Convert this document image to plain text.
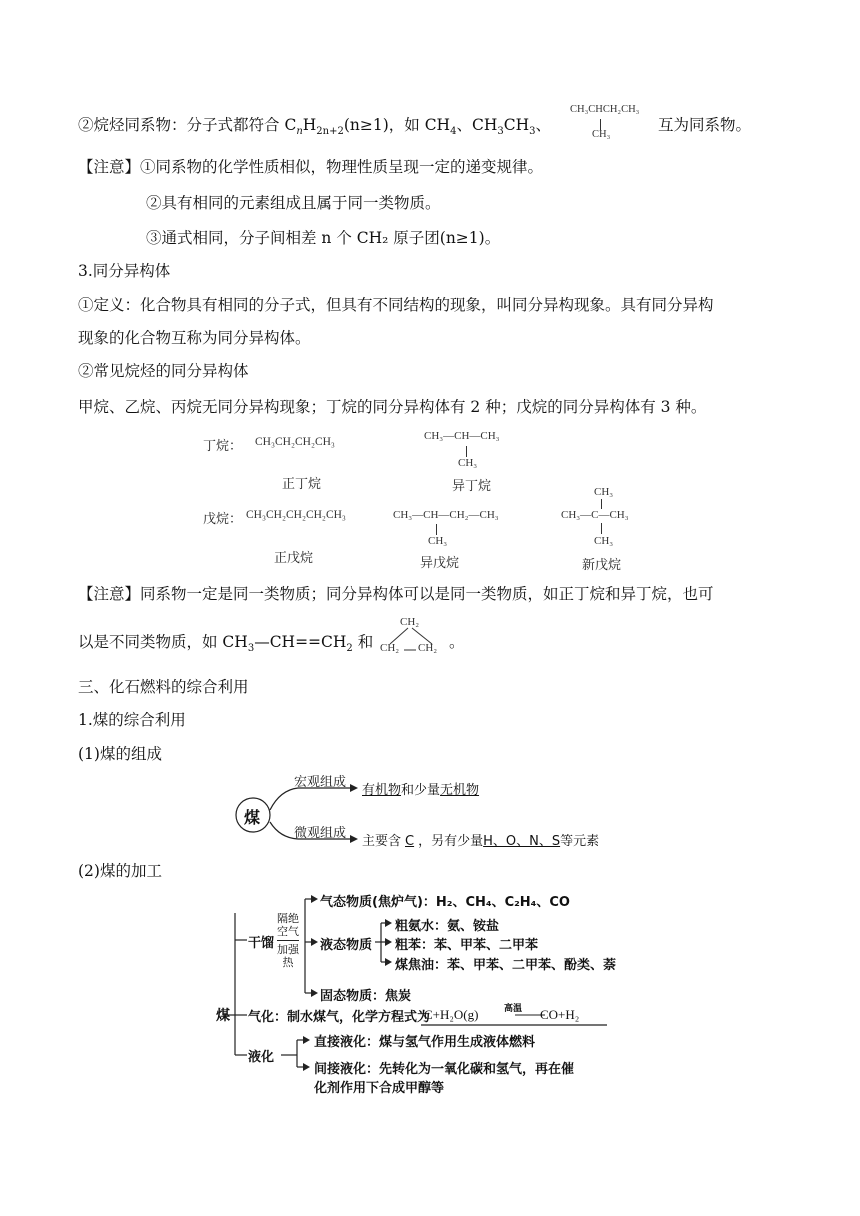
②烷烃同系物：分子式都符合 $C_nH_{2n+2}(n\ge 1)$，如 $CH_4$、$CH_3CH_3$、
CH₃CHCH₂CH₃
CH₃
互为同系物。
【注意】①同系物的化学性质相似，物理性质呈现一定的递变规律。
②具有相同的元素组成且属于同一类物质。
③通式相同，分子间相差 n 个 CH₂ 原子团(n≥1)。
3.同分异构体
①定义：化合物具有相同的分子式，但具有不同结构的现象，叫同分异构现象。具有同分异构
现象的化合物互称为同分异构体。
②常见烷烃的同分异构体
甲烷、乙烷、丙烷无同分异构现象；丁烷的同分异构体有 2 种；戊烷的同分异构体有 3 种。
丁烷： CH₃CH₂CH₂CH₃
正丁烷
CH₃—CH—CH₃
CH₃
异丁烷
戊烷： CH₃CH₂CH₂CH₂CH₃
正戊烷
CH₃—CH—CH₂—CH₃
CH₃
异戊烷
CH₃
CH₃—C—CH₃
CH₃
新戊烷
【注意】同系物一定是同一类物质；同分异构体可以是同一类物质，如正丁烷和异丁烷，也可
以是不同类物质，如 $CH_3—CH==CH_2$ 和
CH₂
CH₂ CH₂ 。
三、化石燃料的综合利用
1.煤的综合利用
(1)煤的组成
煤
宏观组成
有机物和少量无机物
微观组成
主要含 C ，另有少量H、O、N、S等元素
(2)煤的加工
煤
干馏
隔绝
空气
加强
热
气态物质(焦炉气)：H₂、CH₄、C₂H₄、CO
液态物质
粗氨水：氨、铵盐
粗苯：苯、甲苯、二甲苯
煤焦油：苯、甲苯、二甲苯、酚类、萘
固态物质：焦炭
气化：制水煤气，化学方程式为
C+H₂O(g)	高温 CO+H₂
液化
直接液化：煤与氢气作用生成液体燃料
间接液化：先转化为一氧化碳和氢气，再在催
化剂作用下合成甲醇等
